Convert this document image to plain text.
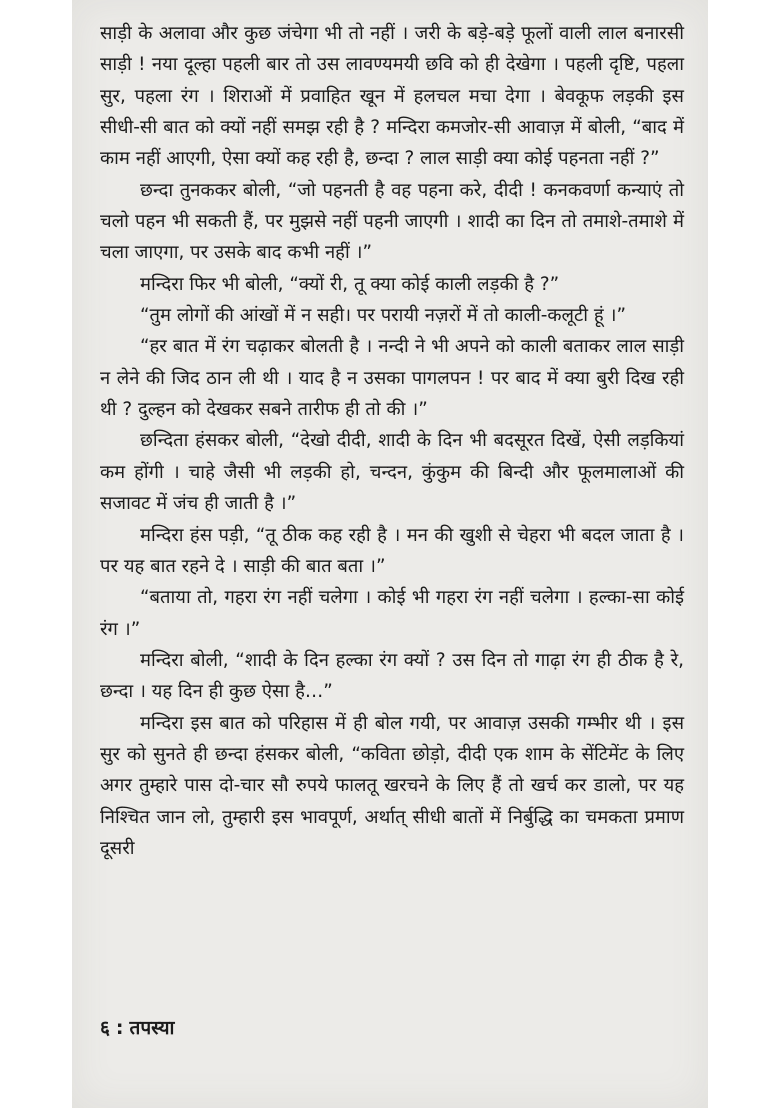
साड़ी के अलावा और कुछ जंचेगा भी तो नहीं । जरी के बड़े-बड़े फूलों वाली लाल बनारसी साड़ी ! नया दूल्हा पहली बार तो उस लावण्यमयी छवि को ही देखेगा । पहली दृष्टि, पहला सुर, पहला रंग । शिराओं में प्रवाहित खून में हलचल मचा देगा । बेवकूफ लड़की इस सीधी-सी बात को क्यों नहीं समझ रही है ? मन्दिरा कमजोर-सी आवाज़ में बोली, “बाद में काम नहीं आएगी, ऐसा क्यों कह रही है, छन्दा ? लाल साड़ी क्या कोई पहनता नहीं ?”

छन्दा तुनककर बोली, “जो पहनती है वह पहना करे, दीदी ! कनकवर्णा कन्याएं तो चलो पहन भी सकती हैं, पर मुझसे नहीं पहनी जाएगी । शादी का दिन तो तमाशे-तमाशे में चला जाएगा, पर उसके बाद कभी नहीं ।”

मन्दिरा फिर भी बोली, “क्यों री, तू क्या कोई काली लड़की है ?”

“तुम लोगों की आंखों में न सही। पर परायी नज़रों में तो काली-कलूटी हूं ।”

“हर बात में रंग चढ़ाकर बोलती है । नन्दी ने भी अपने को काली बताकर लाल साड़ी न लेने की जिद ठान ली थी । याद है न उसका पागलपन ! पर बाद में क्या बुरी दिख रही थी ? दुल्हन को देखकर सबने तारीफ ही तो की ।”

छन्दिता हंसकर बोली, “देखो दीदी, शादी के दिन भी बदसूरत दिखें, ऐसी लड़कियां कम होंगी । चाहे जैसी भी लड़की हो, चन्दन, कुंकुम की बिन्दी और फूलमालाओं की सजावट में जंच ही जाती है ।”

मन्दिरा हंस पड़ी, “तू ठीक कह रही है । मन की खुशी से चेहरा भी बदल जाता है । पर यह बात रहने दे । साड़ी की बात बता ।”

“बताया तो, गहरा रंग नहीं चलेगा । कोई भी गहरा रंग नहीं चलेगा । हल्का-सा कोई रंग ।”

मन्दिरा बोली, “शादी के दिन हल्का रंग क्यों ? उस दिन तो गाढ़ा रंग ही ठीक है रे, छन्दा । यह दिन ही कुछ ऐसा है…”

मन्दिरा इस बात को परिहास में ही बोल गयी, पर आवाज़ उसकी गम्भीर थी । इस सुर को सुनते ही छन्दा हंसकर बोली, “कविता छोड़ो, दीदी एक शाम के सेंटिमेंट के लिए अगर तुम्हारे पास दो-चार सौ रुपये फालतू खरचने के लिए हैं तो खर्च कर डालो, पर यह निश्चित जान लो, तुम्हारी इस भावपूर्ण, अर्थात् सीधी बातों में निर्बुद्धि का चमकता प्रमाण दूसरी

६ : तपस्या
